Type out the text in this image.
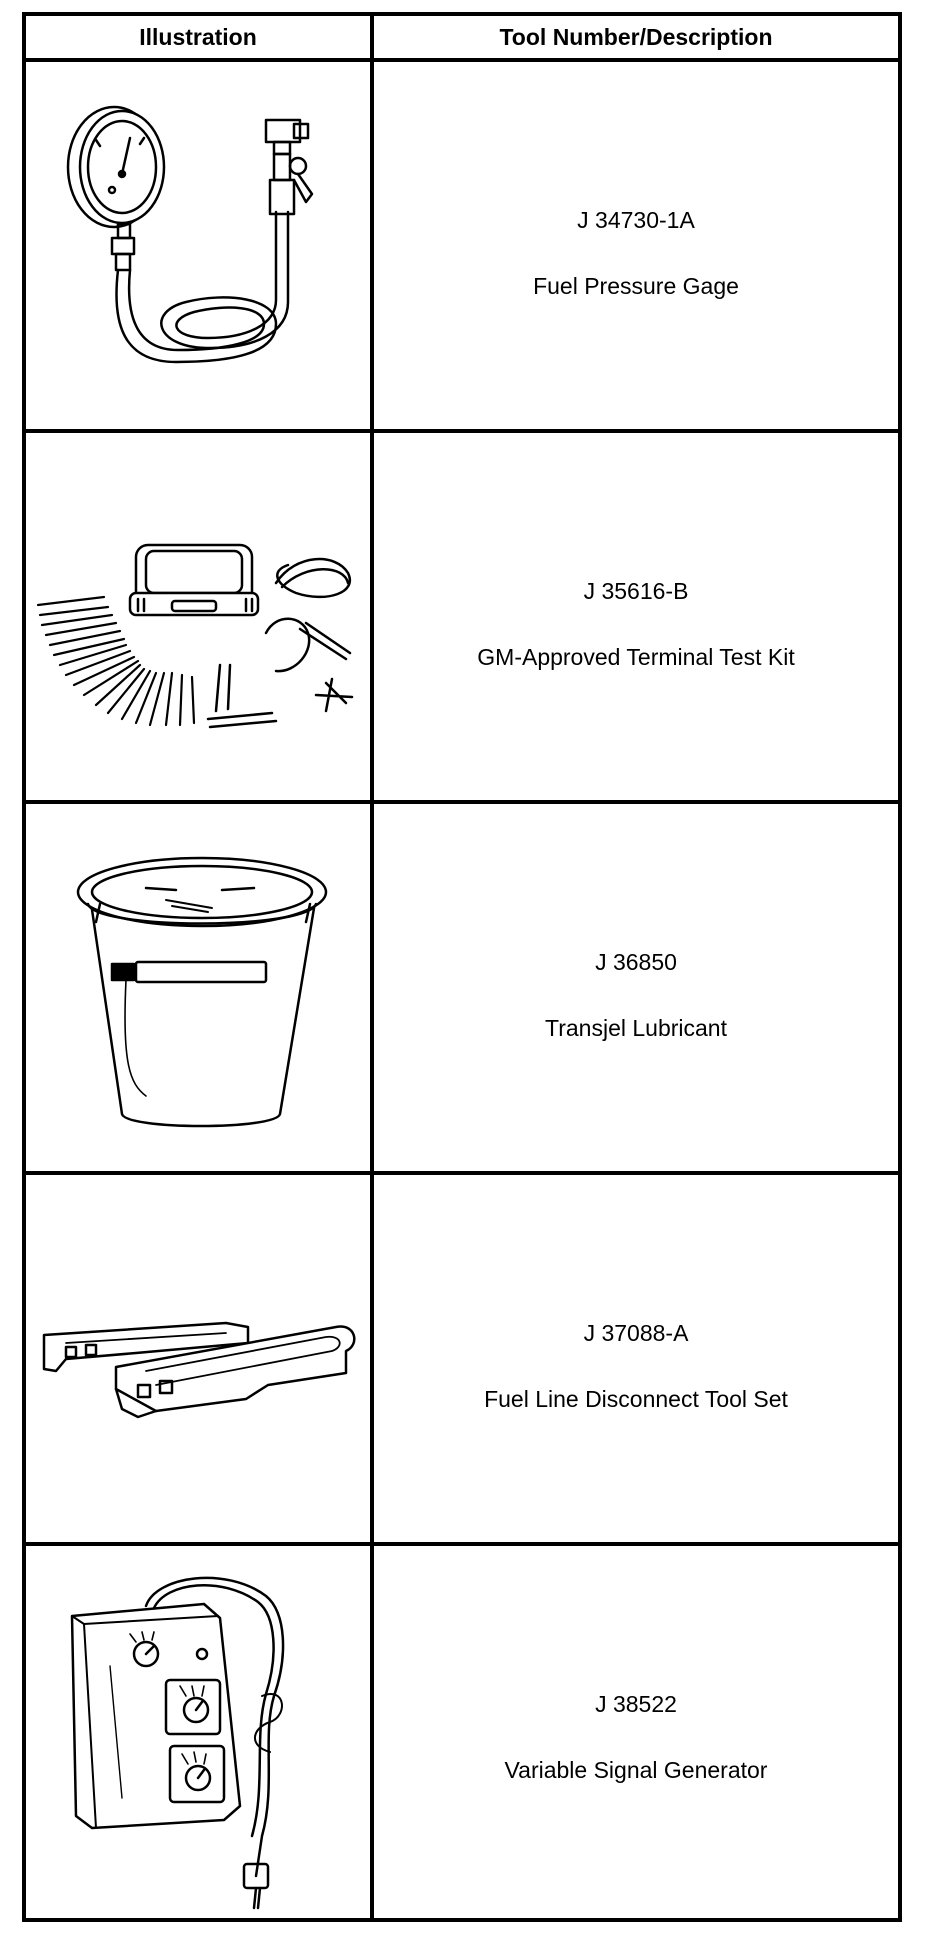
Illustration	Tool Number/Description
J 34730-1A
Fuel Pressure Gage
J 35616-B
GM-Approved Terminal Test Kit
J 36850
Transjel Lubricant
J 37088-A
Fuel Line Disconnect Tool Set
J 38522
Variable Signal Generator
